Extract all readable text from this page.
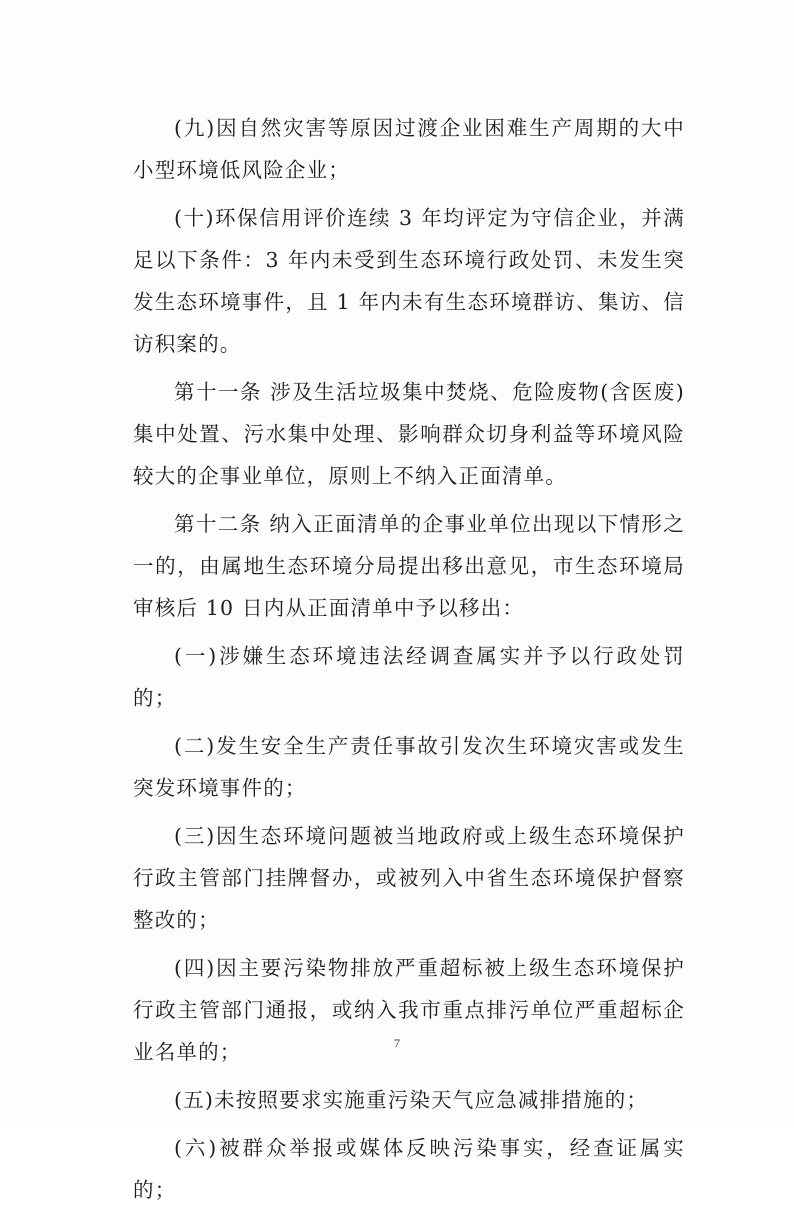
(九)因自然灾害等原因过渡企业困难生产周期的大中小型环境低风险企业；

(十)环保信用评价连续 3 年均评定为守信企业，并满足以下条件：3 年内未受到生态环境行政处罚、未发生突发生态环境事件，且 1 年内未有生态环境群访、集访、信访积案的。

第十一条 涉及生活垃圾集中焚烧、危险废物(含医废)集中处置、污水集中处理、影响群众切身利益等环境风险较大的企事业单位，原则上不纳入正面清单。

第十二条 纳入正面清单的企事业单位出现以下情形之一的，由属地生态环境分局提出移出意见，市生态环境局审核后 10 日内从正面清单中予以移出：

(一)涉嫌生态环境违法经调查属实并予以行政处罚的；

(二)发生安全生产责任事故引发次生环境灾害或发生突发环境事件的；

(三)因生态环境问题被当地政府或上级生态环境保护行政主管部门挂牌督办，或被列入中省生态环境保护督察整改的；

(四)因主要污染物排放严重超标被上级生态环境保护行政主管部门通报，或纳入我市重点排污单位严重超标企业名单的；

(五)未按照要求实施重污染天气应急减排措施的；

(六)被群众举报或媒体反映污染事实，经查证属实的；

7
